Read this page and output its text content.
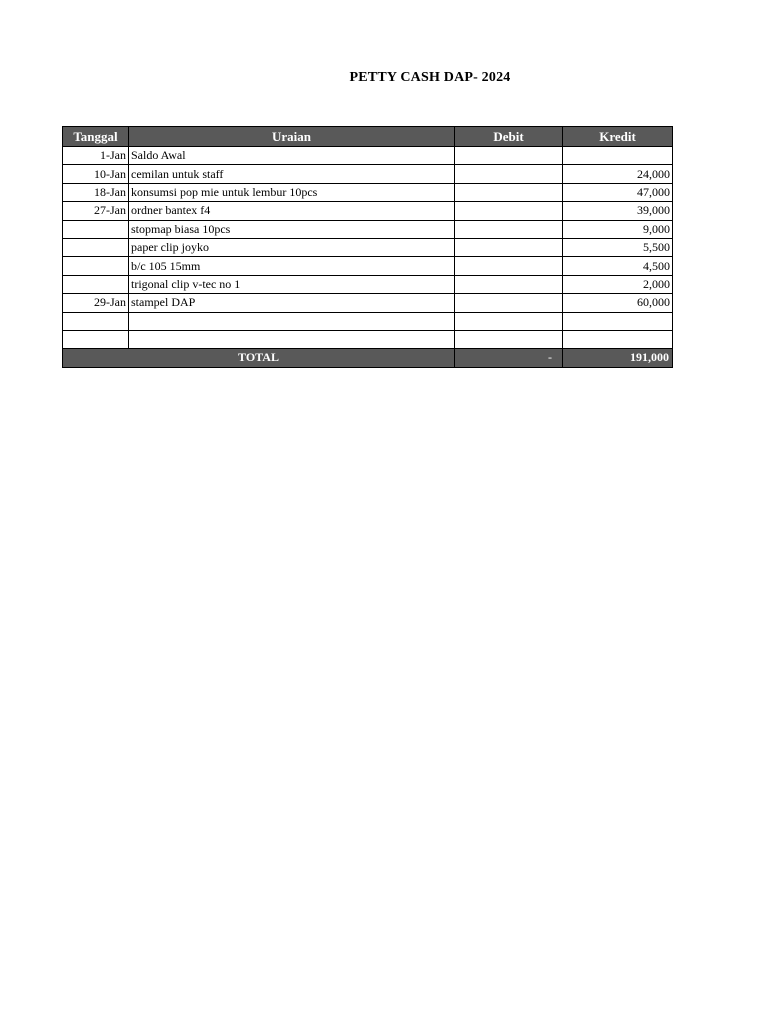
PETTY CASH DAP- 2024
Tanggal	Uraian	Debit	Kredit
1-Jan	Saldo Awal		
10-Jan	cemilan untuk staff		24,000
18-Jan	konsumsi pop mie untuk lembur 10pcs		47,000
27-Jan	ordner bantex f4		39,000
	stopmap biasa 10pcs		9,000
	paper clip joyko		5,500
	b/c 105 15mm		4,500
	trigonal clip v-tec no 1		2,000
29-Jan	stampel DAP		60,000

TOTAL		-	191,000
